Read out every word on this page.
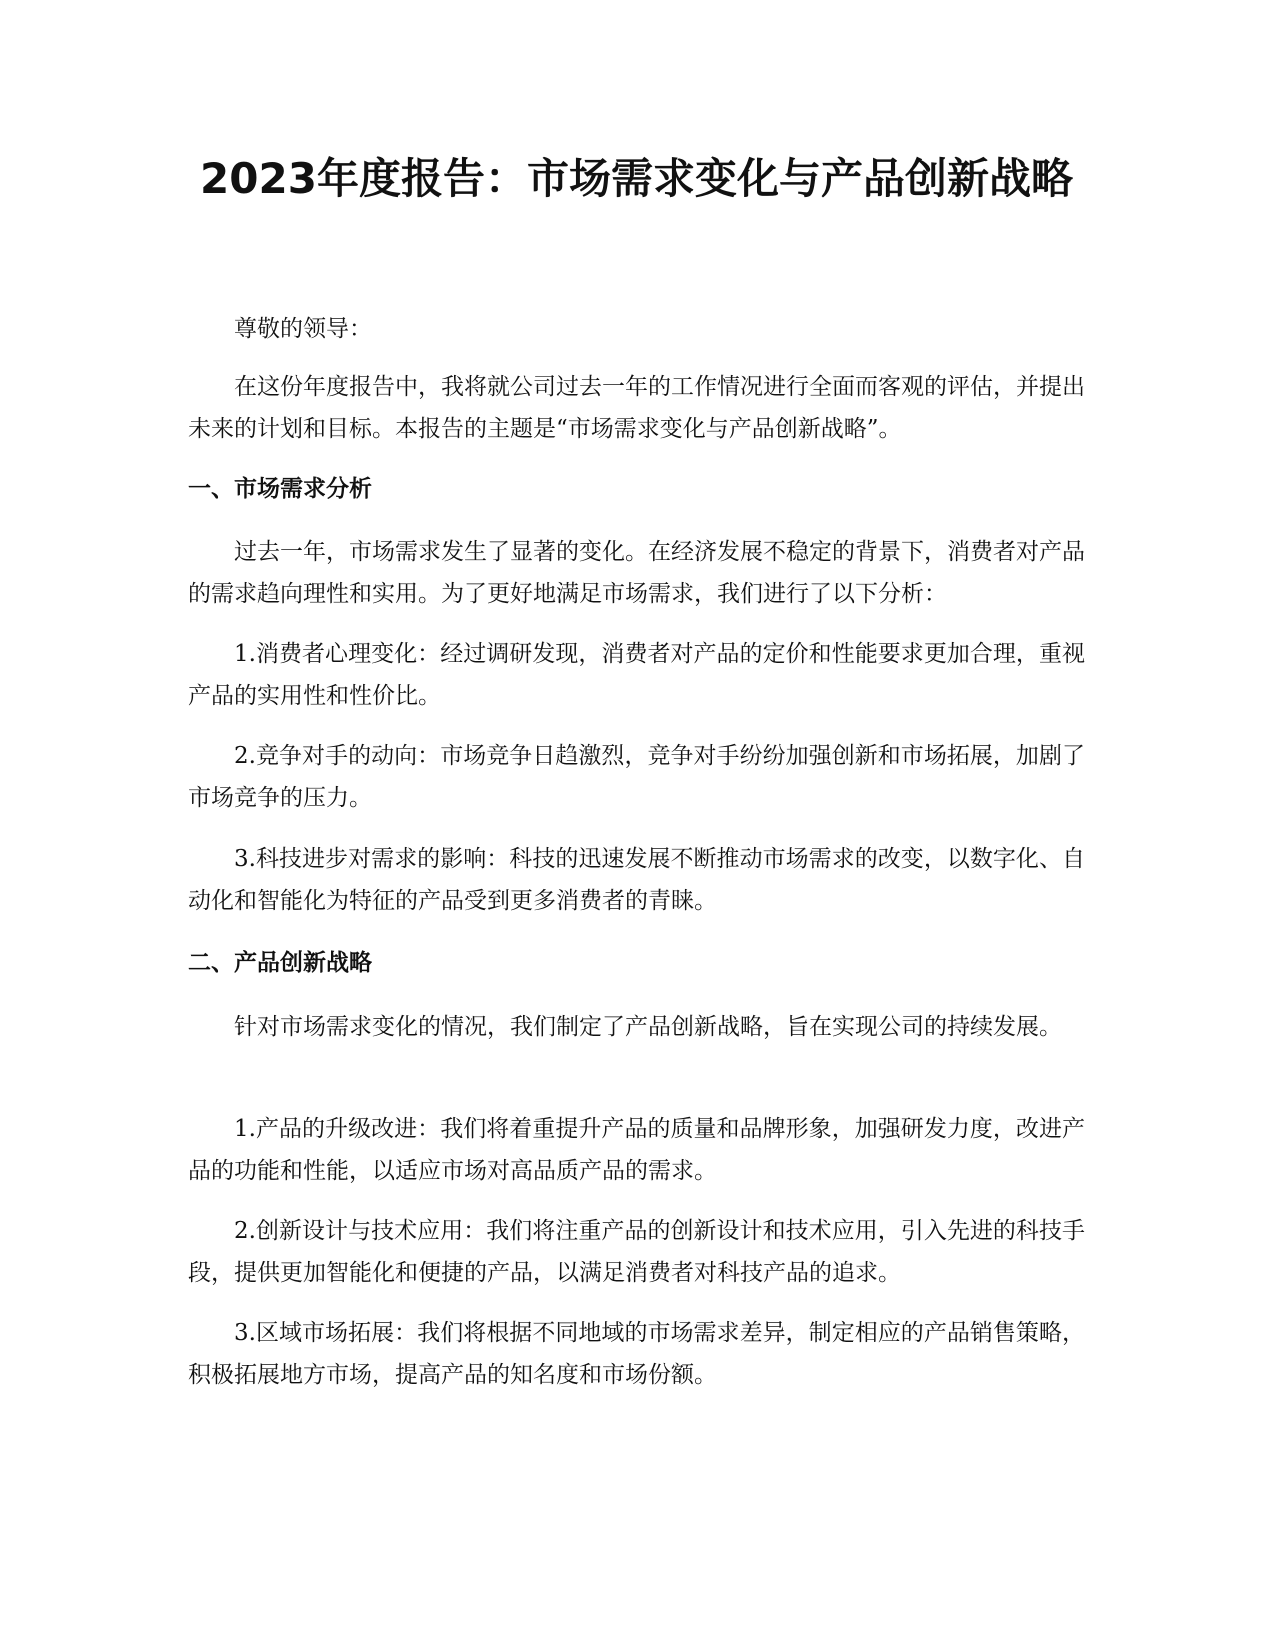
2023年度报告：市场需求变化与产品创新战略

尊敬的领导：

在这份年度报告中，我将就公司过去一年的工作情况进行全面而客观的评估，并提出未来的计划和目标。本报告的主题是“市场需求变化与产品创新战略”。

一、市场需求分析

过去一年，市场需求发生了显著的变化。在经济发展不稳定的背景下，消费者对产品的需求趋向理性和实用。为了更好地满足市场需求，我们进行了以下分析：

1.消费者心理变化：经过调研发现，消费者对产品的定价和性能要求更加合理，重视产品的实用性和性价比。

2.竞争对手的动向：市场竞争日趋激烈，竞争对手纷纷加强创新和市场拓展，加剧了市场竞争的压力。

3.科技进步对需求的影响：科技的迅速发展不断推动市场需求的改变，以数字化、自动化和智能化为特征的产品受到更多消费者的青睐。

二、产品创新战略

针对市场需求变化的情况，我们制定了产品创新战略，旨在实现公司的持续发展。

1.产品的升级改进：我们将着重提升产品的质量和品牌形象，加强研发力度，改进产品的功能和性能，以适应市场对高品质产品的需求。

2.创新设计与技术应用：我们将注重产品的创新设计和技术应用，引入先进的科技手段，提供更加智能化和便捷的产品，以满足消费者对科技产品的追求。

3.区域市场拓展：我们将根据不同地域的市场需求差异，制定相应的产品销售策略，积极拓展地方市场，提高产品的知名度和市场份额。
